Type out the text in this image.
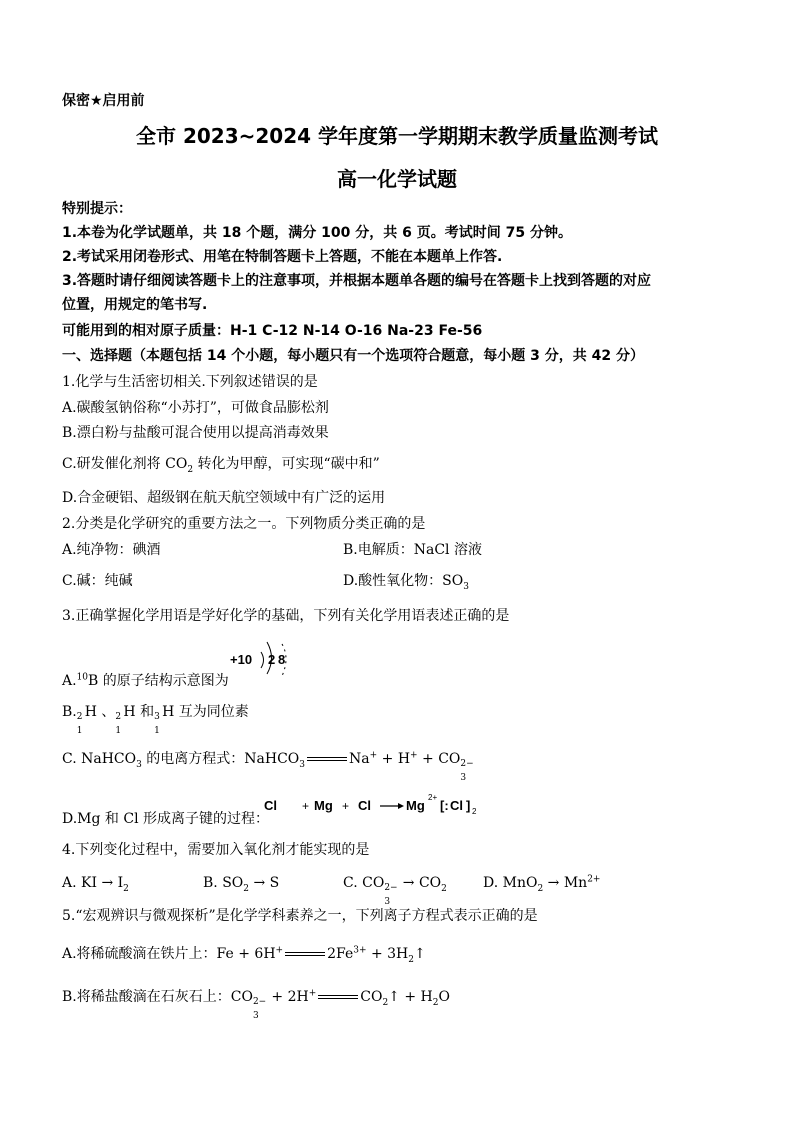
保密★启用前
全市 2023~2024 学年度第一学期期末教学质量监测考试
高一化学试题
特别提示：
1.本卷为化学试题单，共 18 个题，满分 100 分，共 6 页。考试时间 75 分钟。
2.考试采用闭卷形式、用笔在特制答题卡上答题，不能在本题单上作答.
3.答题时请仔细阅读答题卡上的注意事项，并根据本题单各题的编号在答题卡上找到答题的对应
位置，用规定的笔书写.
可能用到的相对原子质量：H-1 C-12 N-14 O-16 Na-23 Fe-56
一、选择题（本题包括 14 个小题，每小题只有一个选项符合题意，每小题 3 分，共 42 分）
1.化学与生活密切相关.下列叙述错误的是
A.碳酸氢钠俗称“小苏打”，可做食品膨松剂
B.漂白粉与盐酸可混合使用以提高消毒效果
C.研发催化剂将 $CO_2$ 转化为甲醇，可实现“碳中和”
D.合金硬铝、超级钢在航天航空领域中有广泛的运用
2.分类是化学研究的重要方法之一。下列物质分类正确的是
A.纯净物：碘酒	B.电解质：NaCl 溶液
C.碱：纯碱	D.酸性氧化物：$SO_3$
3.正确掌握化学用语是学好化学的基础，下列有关化学用语表述正确的是
A.$^{10}$B 的原子结构示意图为
+10 2 8
B. 2
1
H 、 2
1
H 和 3
1
H 互为同位素
C. NaHCO$_3$ 的电离方程式：NaHCO$_3$	Na+ + H+ + CO 2−
3
D.Mg 和 Cl 形成离子键的过程：
Cl + Mg + Cl	Mg
2+
[: Cl ] 2
4.下列变化过程中，需要加入氧化剂才能实现的是
A. KI → $I_2$	B. $SO_2 \to S$	C. CO 2−
3
→ $CO_2$	D. $MnO_2 \to Mn^{2+}$
5.“宏观辨识与微观探析”是化学学科素养之一，下列离子方程式表示正确的是
A.将稀硫酸滴在铁片上：Fe + 6H+	$2Fe^{3+}$ + $3H_2↑$
B.将稀盐酸滴在石灰石上：CO 2−
3
+ 2H+	$CO_2↑ + H_2O$
